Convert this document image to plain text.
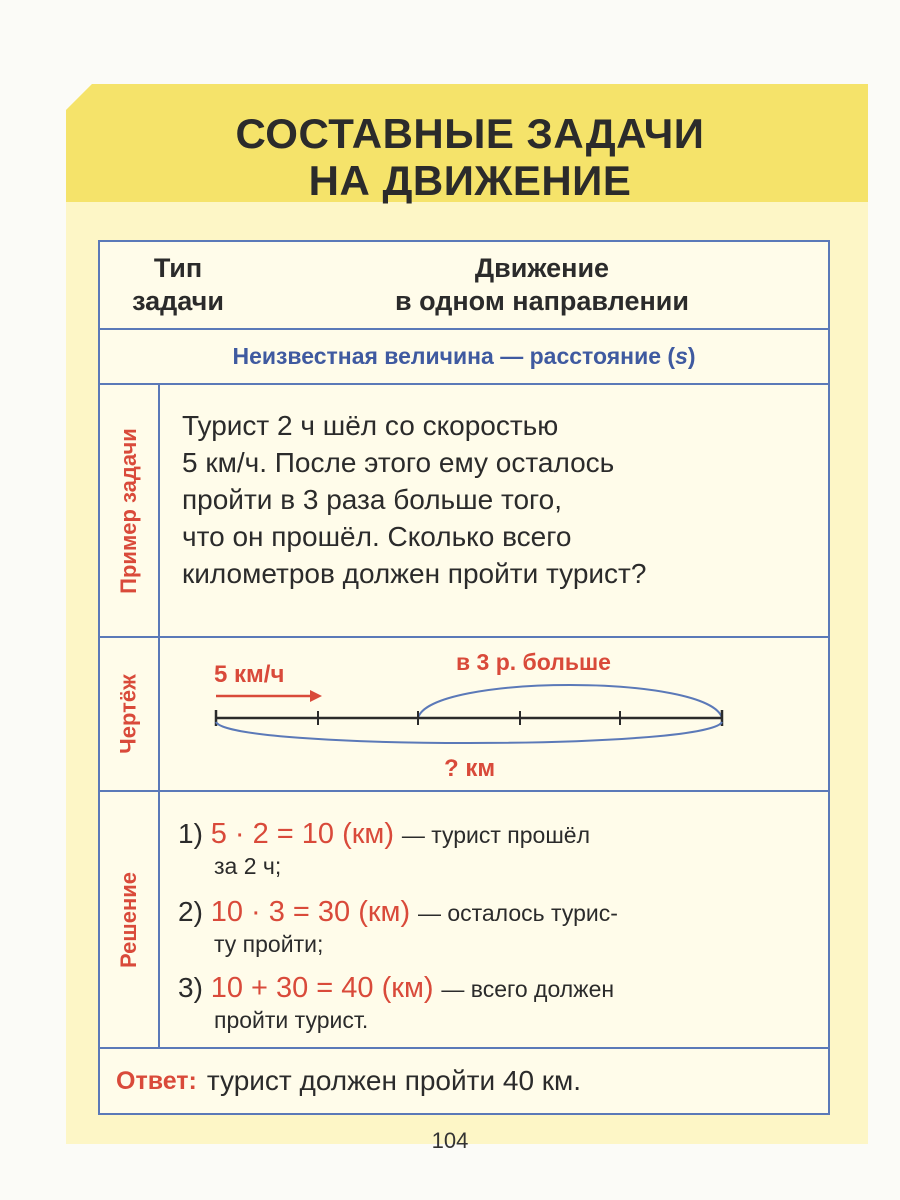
СОСТАВНЫЕ ЗАДАЧИ
НА ДВИЖЕНИЕ
Тип
задачи
Движение
в одном направлении
Неизвестная величина — расстояние ( s )
Пример задачи
Чертёж
Решение
Турист 2 ч шёл со скоростью
5 км/ч. После этого ему осталось
пройти в 3 раза больше того,
что он прошёл. Сколько всего
километров должен пройти турист?
5 км/ч	в 3 р. больше
? км
1) 5 · 2 = 10 (км) — турист прошёл
за 2 ч;
2) 10 · 3 = 30 (км) — осталось турис-
ту пройти;
3) 10 + 30 = 40 (км) — всего должен
пройти турист.
Ответ: турист должен пройти 40 км.
104
